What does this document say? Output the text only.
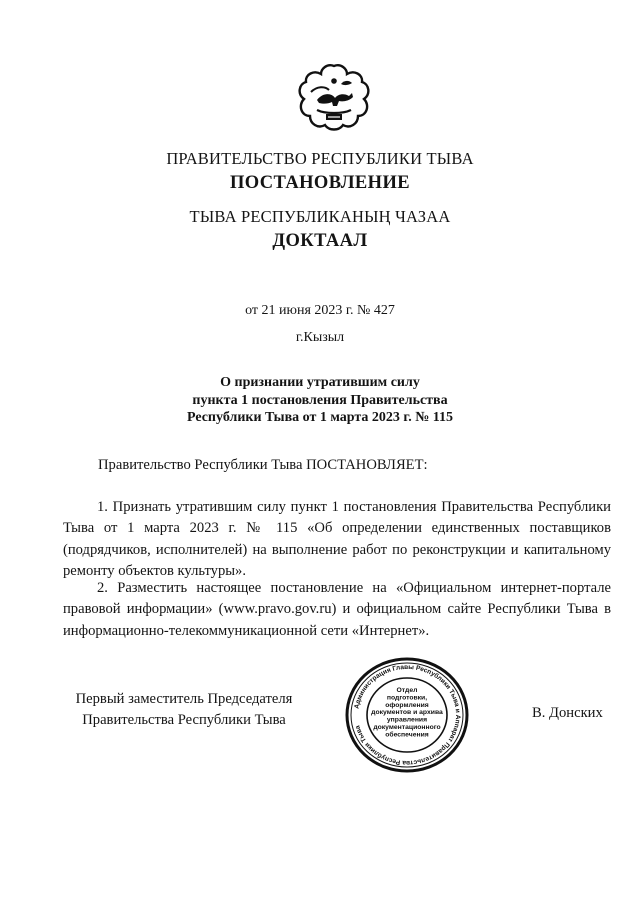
ПРАВИТЕЛЬСТВО РЕСПУБЛИКИ ТЫВА
ПОСТАНОВЛЕНИЕ
ТЫВА РЕСПУБЛИКАНЫҢ ЧАЗАА
ДОКТААЛ
от 21 июня 2023 г. № 427
г.Кызыл
О признании утратившим силу
пункта 1 постановления Правительства
Республики Тыва от 1 марта 2023 г. № 115
Правительство Республики Тыва ПОСТАНОВЛЯЕТ:
1. Признать утратившим силу пункт 1 постановления Правительства Республики Тыва от 1 марта 2023 г. № 115 «Об определении единственных поставщиков (подрядчиков, исполнителей) на выполнение работ по реконструкции и капитальному ремонту объектов культуры».
2. Разместить настоящее постановление на «Официальном интернет-портале правовой информации» (www.pravo.gov.ru) и официальном сайте Республики Тыва в информационно-телекоммуникационной сети «Интернет».
Первый заместитель Председателя
Правительства Республики Тыва	В. Донских
Администрация Главы Республики Тыва и Аппарат Правительства Республики Тыва
Отдел подготовки, оформления документов и архива управления документационного обеспечения
